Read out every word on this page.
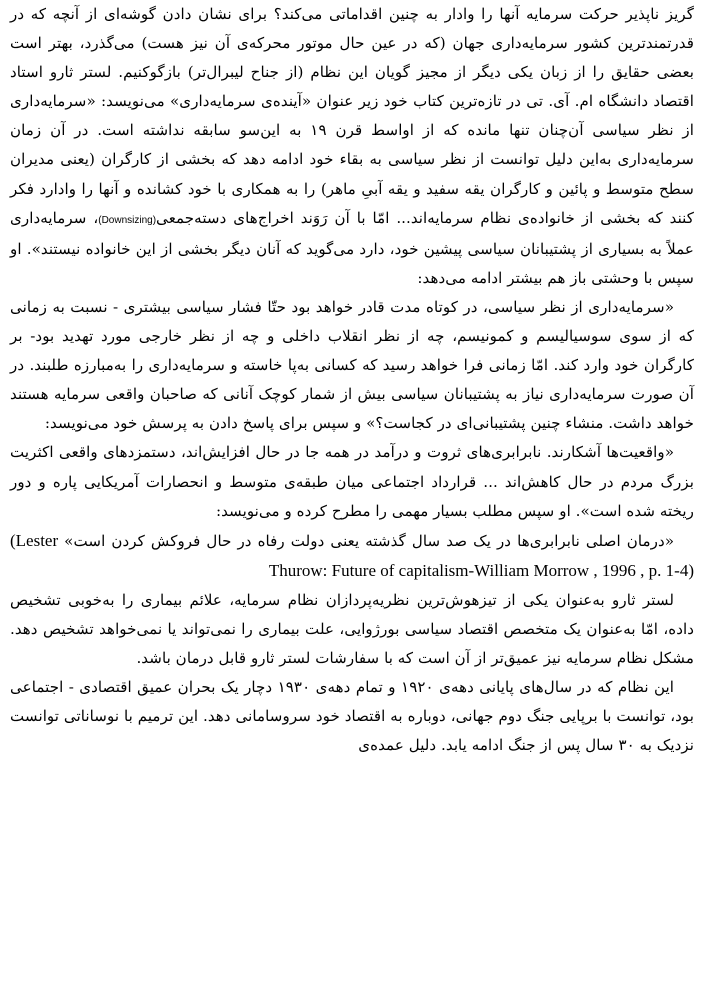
گریز ناپذیر حرکت سرمایه آنها را وادار به چنین اقداماتی می‌کند؟ برای نشان دادن گوشه‌ای از آنچه که در قدرتمندترین کشور سرمایه‌داری جهان (که در عین حال موتور محرکه‌ی آن نیز هست) می‌گذرد، بهتر است بعضی حقایق را از زبان یکی دیگر از مجیز گویان این نظام (از جناح لیبرال‌تر) بازگوکنیم. لستر ثارو استاد اقتصاد دانشگاه ام. آی. تی در تازه‌ترین کتاب خود زیر عنوان «آینده‌ی سرمایه‌داری» می‌نویسد: «سرمایه‌داری از نظر سیاسی آن‌چنان تنها مانده که از اواسط قرن ۱۹ به این‌سو سابقه نداشته است. در آن زمان سرمایه‌داری به‌این دلیل توانست از نظر سیاسی به بقاء خود ادامه دهد که بخشی از کارگران (یعنی مدیران سطح متوسط و پائین و کارگران یقه سفید و یقه آبیِ ماهر) را به همکاری با خود کشانده و آنها را وادارد فکر کنند که بخشی از خانواده‌ی نظام سرمایه‌اند... امّا با آن رَوَند اخراج‌های دسته‌جمعی(Downsizing)، سرمایه‌داری عملاً به بسیاری از پشتیبانان سیاسی پیشین خود، دارد می‌گوید که آنان دیگر بخشی از این خانواده نیستند». او سپس با وحشتی باز هم بیشتر ادامه می‌دهد:

«سرمایه‌داری از نظر سیاسی، در کوتاه مدت قادر خواهد بود حتّا فشار سیاسی بیشتری - نسبت به زمانی که از سوی سوسیالیسم و کمونیسم، چه از نظر انقلاب داخلی و چه از نظر خارجی مورد تهدید بود- بر کارگران خود وارد کند. امّا زمانی فرا خواهد رسید که کسانی به‌پا خاسته و سرمایه‌داری را به‌مبارزه طلبند. در آن صورت سرمایه‌داری نیاز به پشتیبانان سیاسی بیش از شمار کوچک آنانی که صاحبان واقعی سرمایه هستند خواهد داشت. منشاء چنین پشتیبانی‌ای در کجاست؟» و سپس برای پاسخ دادن به پرسش خود می‌نویسد:

«واقعیت‌ها آشکارند. نابرابری‌های ثروت و درآمد در همه جا در حال افزایش‌اند، دستمزدهای واقعی اکثریت بزرگ مردم در حال کاهش‌اند ... قرارداد اجتماعی میان طبقه‌ی متوسط و انحصارات آمریکایی پاره و دور ریخته شده است». او سپس مطلب بسیار مهمی را مطرح کرده و می‌نویسد:

«درمان اصلی نابرابری‌ها در یک صد سال گذشته یعنی دولت رفاه در حال فروکش کردن است» (Lester Thurow: Future of capitalism-William Morrow , 1996 , p. 1-4)

لستر ثارو به‌عنوان یکی از تیزهوش‌ترین نظریه‌پردازان نظام سرمایه، علائم بیماری را به‌خوبی تشخیص داده، امّا به‌عنوان یک متخصص اقتصاد سیاسی بورژوایی، علت بیماری را نمی‌تواند یا نمی‌خواهد تشخیص دهد. مشکل نظام سرمایه نیز عمیق‌تر از آن است که با سفارشات لستر ثارو قابل درمان باشد.

این نظام که در سال‌های پایانی دهه‌ی ۱۹۲۰ و تمام دهه‌ی ۱۹۳۰ دچار یک بحران عمیق اقتصادی - اجتماعی بود، توانست با برپایی جنگ دوم جهانی، دوباره به اقتصاد خود سروسامانی دهد. این ترمیم با نوساناتی توانست نزدیک به ۳۰ سال پس از جنگ ادامه یابد. دلیل عمده‌ی
